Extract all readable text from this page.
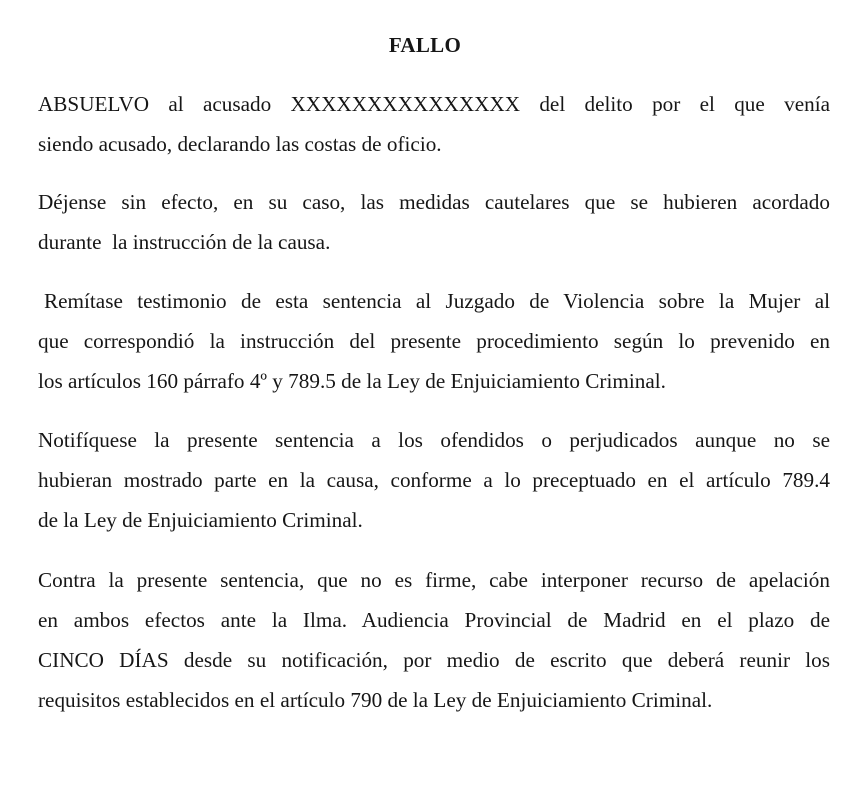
FALLO
ABSUELVO al acusado XXXXXXXXXXXXXXX del delito por el que venía
siendo acusado, declarando las costas de oficio.
Déjense sin efecto, en su caso, las medidas cautelares que se hubieren acordado
durante  la instrucción de la causa.
Remítase testimonio de esta sentencia al Juzgado de Violencia sobre la Mujer al
que correspondió la instrucción del presente procedimiento según lo prevenido en
los artículos 160 párrafo 4º y 789.5 de la Ley de Enjuiciamiento Criminal.
Notifíquese la presente sentencia a los ofendidos o perjudicados aunque no se
hubieran mostrado parte en la causa, conforme a lo preceptuado en el artículo 789.4
de la Ley de Enjuiciamiento Criminal.
Contra la presente sentencia, que no es firme, cabe interponer recurso de apelación
en ambos efectos ante la Ilma. Audiencia Provincial de Madrid en el plazo de
CINCO DÍAS desde su notificación, por medio de escrito que deberá reunir los
requisitos establecidos en el artículo 790 de la Ley de Enjuiciamiento Criminal.
